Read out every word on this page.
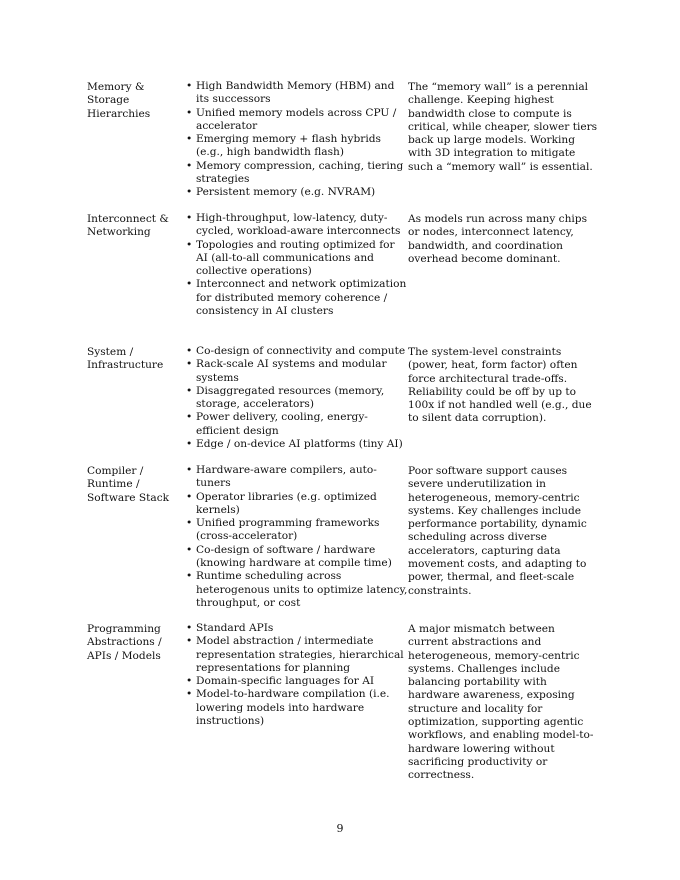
Memory & Storage Hierarchies
• High Bandwidth Memory (HBM) and its successors
• Unified memory models across CPU / accelerator
• Emerging memory + flash hybrids (e.g., high bandwidth flash)
• Memory compression, caching, tiering strategies
• Persistent memory (e.g. NVRAM)
The “memory wall” is a perennial challenge. Keeping highest bandwidth close to compute is critical, while cheaper, slower tiers back up large models. Working with 3D integration to mitigate such a “memory wall” is essential.
Interconnect & Networking
• High-throughput, low-latency, duty-cycled, workload-aware interconnects
• Topologies and routing optimized for AI (all-to-all communications and collective operations)
• Interconnect and network optimization for distributed memory coherence / consistency in AI clusters
As models run across many chips or nodes, interconnect latency, bandwidth, and coordination overhead become dominant.
System / Infrastructure
• Co-design of connectivity and compute
• Rack-scale AI systems and modular systems
• Disaggregated resources (memory, storage, accelerators)
• Power delivery, cooling, energy-efficient design
• Edge / on-device AI platforms (tiny AI)
The system-level constraints (power, heat, form factor) often force architectural trade-offs. Reliability could be off by up to 100x if not handled well (e.g., due to silent data corruption).
Compiler / Runtime / Software Stack
• Hardware-aware compilers, auto-tuners
• Operator libraries (e.g. optimized kernels)
• Unified programming frameworks (cross-accelerator)
• Co-design of software / hardware (knowing hardware at compile time)
• Runtime scheduling across heterogenous units to optimize latency, throughput, or cost
Poor software support causes severe underutilization in heterogeneous, memory-centric systems. Key challenges include performance portability, dynamic scheduling across diverse accelerators, capturing data movement costs, and adapting to power, thermal, and fleet-scale constraints.
Programming Abstractions / APIs / Models
• Standard APIs
• Model abstraction / intermediate representation strategies, hierarchical representations for planning
• Domain-specific languages for AI
• Model-to-hardware compilation (i.e. lowering models into hardware instructions)
A major mismatch between current abstractions and heterogeneous, memory-centric systems. Challenges include balancing portability with hardware awareness, exposing structure and locality for optimization, supporting agentic workflows, and enabling model-to-hardware lowering without sacrificing productivity or correctness.
9
